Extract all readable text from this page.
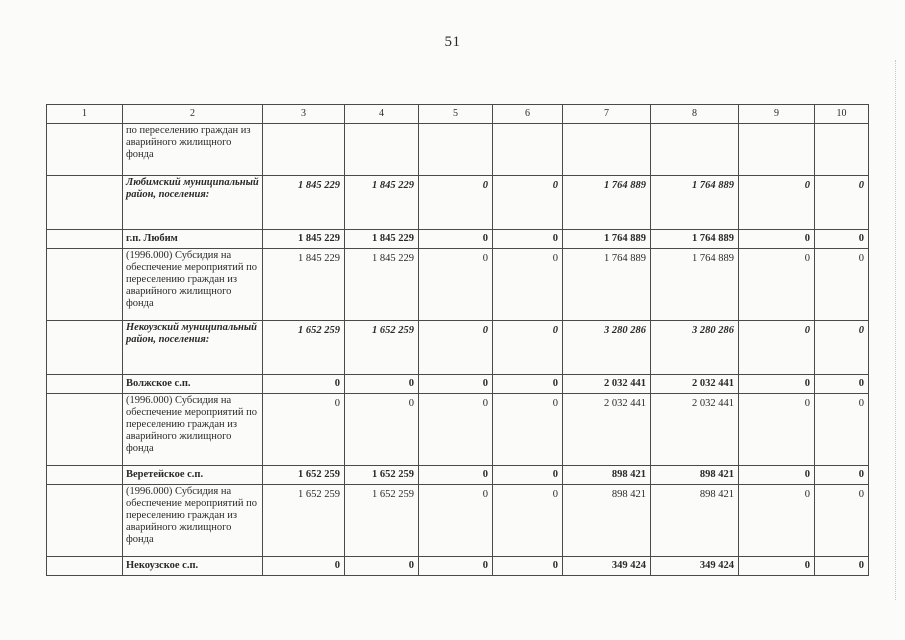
51
1	2	3	4	5	6	7	8	9	10
	по переселению граждан из аварийного жилищного фонда								
	Любимский муниципальный район, поселения:	1 845 229	1 845 229	0	0	1 764 889	1 764 889	0	0
	г.п. Любим	1 845 229	1 845 229	0	0	1 764 889	1 764 889	0	0
	(1996.000) Субсидия на обеспечение мероприятий по переселению граждан из аварийного жилищного фонда	1 845 229	1 845 229	0	0	1 764 889	1 764 889	0	0
	Некоузский муниципальный район, поселения:	1 652 259	1 652 259	0	0	3 280 286	3 280 286	0	0
	Волжское с.п.	0	0	0	0	2 032 441	2 032 441	0	0
	(1996.000) Субсидия на обеспечение мероприятий по переселению граждан из аварийного жилищного фонда	0	0	0	0	2 032 441	2 032 441	0	0
	Веретейское с.п.	1 652 259	1 652 259	0	0	898 421	898 421	0	0
	(1996.000) Субсидия на обеспечение мероприятий по переселению граждан из аварийного жилищного фонда	1 652 259	1 652 259	0	0	898 421	898 421	0	0
	Некоузское с.п.	0	0	0	0	349 424	349 424	0	0
